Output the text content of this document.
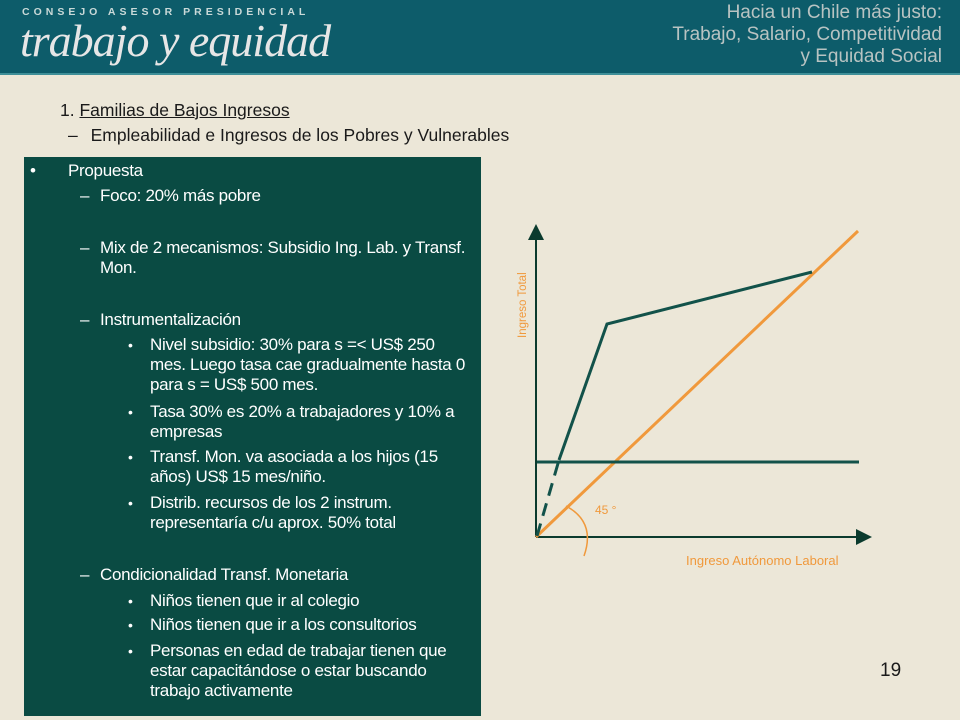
CONSEJO ASESOR PRESIDENCIAL
trabajo y equidad
Hacia un Chile más justo:
Trabajo, Salario, Competitividad
y Equidad Social
1. Familias de Bajos Ingresos
– Empleabilidad e Ingresos de los Pobres y Vulnerables
• Propuesta
– Foco: 20% más pobre
– Mix de 2 mecanismos: Subsidio Ing. Lab. y Transf. Mon.
– Instrumentalización
• Nivel subsidio: 30% para s =< US$ 250 mes. Luego tasa cae gradualmente hasta 0 para s = US$ 500 mes.
• Tasa 30% es 20% a trabajadores y 10% a empresas
• Transf. Mon. va asociada a los hijos (15 años) US$ 15 mes/niño.
• Distrib. recursos de los 2 instrum. representaría c/u aprox. 50% total
– Condicionalidad Transf. Monetaria
• Niños tienen que ir al colegio
• Niños tienen que ir a los consultorios
• Personas en edad de trabajar tienen que estar capacitándose o estar buscando trabajo activamente
45 °
Ingreso Total
Ingreso Autónomo Laboral
19
